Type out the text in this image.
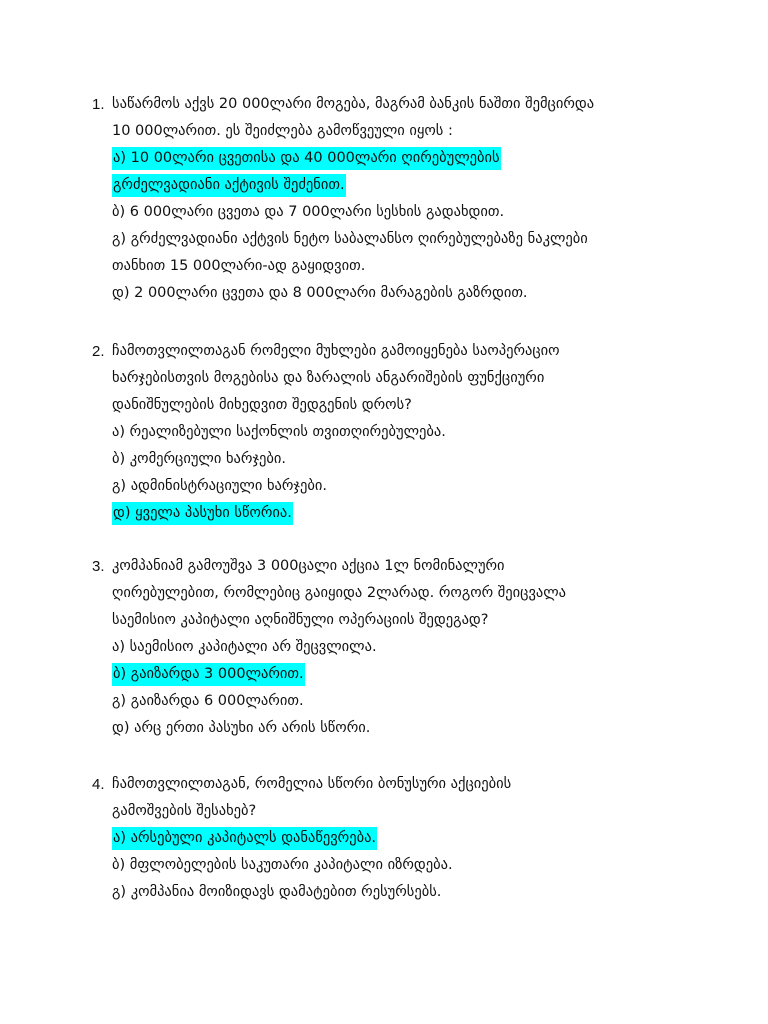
1. საწარმოს აქვს 20 000ლარი მოგება, მაგრამ ბანკის ნაშთი შემცირდა
10 000ლარით. ეს შეიძლება გამოწვეული იყოს :
ა) 10 00ლარი ცვეთისა და 40 000ლარი ღირებულების
გრძელვადიანი აქტივის შეძენით.
ბ) 6 000ლარი ცვეთა და 7 000ლარი სესხის გადახდით.
გ) გრძელვადიანი აქტვის ნეტო საბალანსო ღირებულებაზე ნაკლები
თანხით 15 000ლარი-ად გაყიდვით.
დ) 2 000ლარი ცვეთა და 8 000ლარი მარაგების გაზრდით.
2. ჩამოთვლილთაგან რომელი მუხლები გამოიყენება საოპერაციო
ხარჯებისთვის მოგებისა და ზარალის ანგარიშების ფუნქციური
დანიშნულების მიხედვით შედგენის დროს?
ა) რეალიზებული საქონლის თვითღირებულება.
ბ) კომერციული ხარჯები.
გ) ადმინისტრაციული ხარჯები.
დ) ყველა პასუხი სწორია.
3. კომპანიამ გამოუშვა 3 000ცალი აქცია 1ლ ნომინალური
ღირებულებით, რომლებიც გაიყიდა 2ლარად. როგორ შეიცვალა
საემისიო კაპიტალი აღნიშნული ოპერაციის შედეგად?
ა) საემისიო კაპიტალი არ შეცვლილა.
ბ) გაიზარდა 3 000ლარით.
გ) გაიზარდა 6 000ლარით.
დ) არც ერთი პასუხი არ არის სწორი.
4. ჩამოთვლილთაგან, რომელია სწორი ბონუსური აქციების
გამოშვების შესახებ?
ა) არსებული კაპიტალს დანაწევრება.
ბ) მფლობელების საკუთარი კაპიტალი იზრდება.
გ) კომპანია მოიზიდავს დამატებით რესურსებს.
